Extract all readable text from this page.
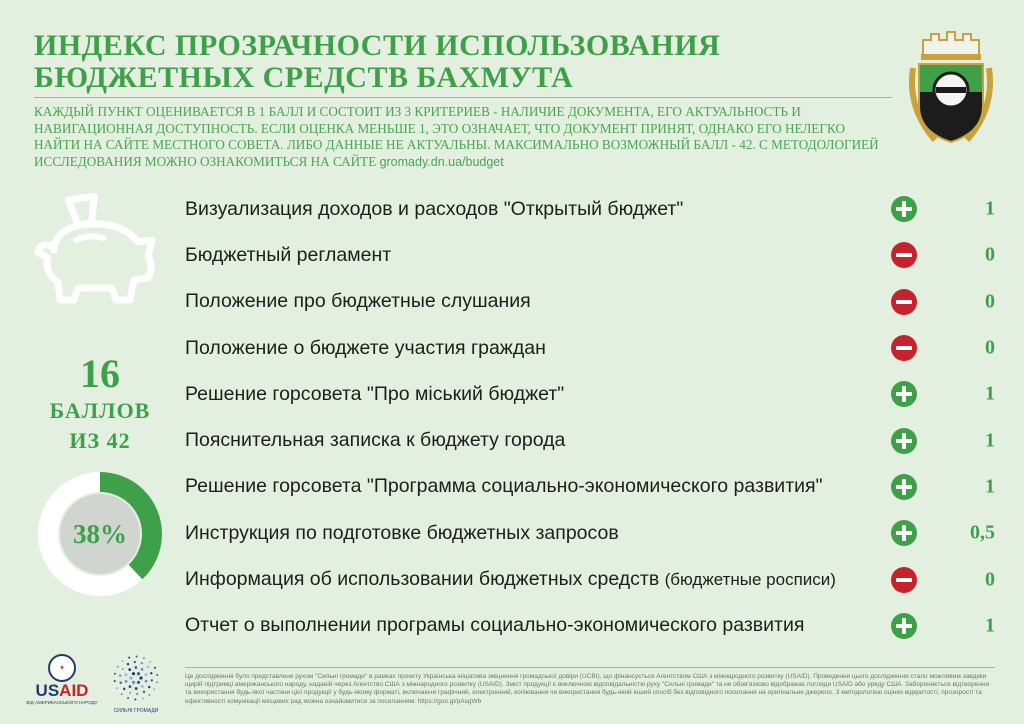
ИНДЕКС ПРОЗРАЧНОСТИ ИСПОЛЬЗОВАНИЯ
БЮДЖЕТНЫХ СРЕДСТВ БАХМУТА
КАЖДЫЙ ПУНКТ ОЦЕНИВАЕТСЯ В 1 БАЛЛ И СОСТОИТ ИЗ 3 КРИТЕРИЕВ - НАЛИЧИЕ ДОКУМЕНТА, ЕГО АКТУАЛЬНОСТЬ И НАВИГАЦИОННАЯ ДОСТУПНОСТЬ. ЕСЛИ ОЦЕНКА МЕНЬШЕ 1, ЭТО ОЗНАЧАЕТ, ЧТО ДОКУМЕНТ ПРИНЯТ, ОДНАКО ЕГО НЕЛЕГКО НАЙТИ НА САЙТЕ МЕСТНОГО СОВЕТА. ЛИБО ДАННЫЕ НЕ АКТУАЛЬНЫ. МАКСИМАЛЬНО ВОЗМОЖНЫЙ БАЛЛ - 42. С МЕТОДОЛОГИЕЙ ИССЛЕДОВАНИЯ МОЖНО ОЗНАКОМИТЬСЯ НА САЙТЕ gromady.dn.ua/budget
16
БАЛЛОВ
ИЗ 42
38%
Визуализация доходов и расходов "Открытый бюджет"	1
Бюджетный регламент	0
Положение про бюджетные слушания	0
Положение о бюджете участия граждан	0
Решение горсовета "Про міський бюджет"	1
Пояснительная записка к бюджету города	1
Решение горсовета "Программа социально-экономического развития"	1
Инструкция по подготовке бюджетных запросов	0,5
Информация об использовании бюджетных средств (бюджетные росписи)	0
Отчет о выполнении програмы социально-экономического развития	1
Це дослідження було представлене рухом "Сильні громади" в рамках проекту Українська ініціатива зміцнення громадської довіри (UCBI), що фінансується Агентством США з міжнародного розвитку (USAID). Проведення цього дослідження стало можливим завдяки щирій підтримці американського народу, наданій через Агентство США з міжнародного розвитку (USAID). Зміст продукції є виключною відповідальністю руху "Сильні громади" та не обов'язково відображає погляди USAID або уряду США. Забороняється відтворення та використання будь-якої частини цієї продукції у будь-якому форматі, включаючи графічний, електронний, копіювання чи використання будь-який інший спосіб без відповідного посилання на оригінальне джерело. З методологією оцінки відкритості, прозорості та ефективності комунікації місцевих рад можна ознайомитися за посиланням: https://goo.gl/pAsgWb
★
USAID
ВІД АМЕРИКАНСЬКОГО НАРОДУ
СИЛЬНІ ГРОМАДИ
